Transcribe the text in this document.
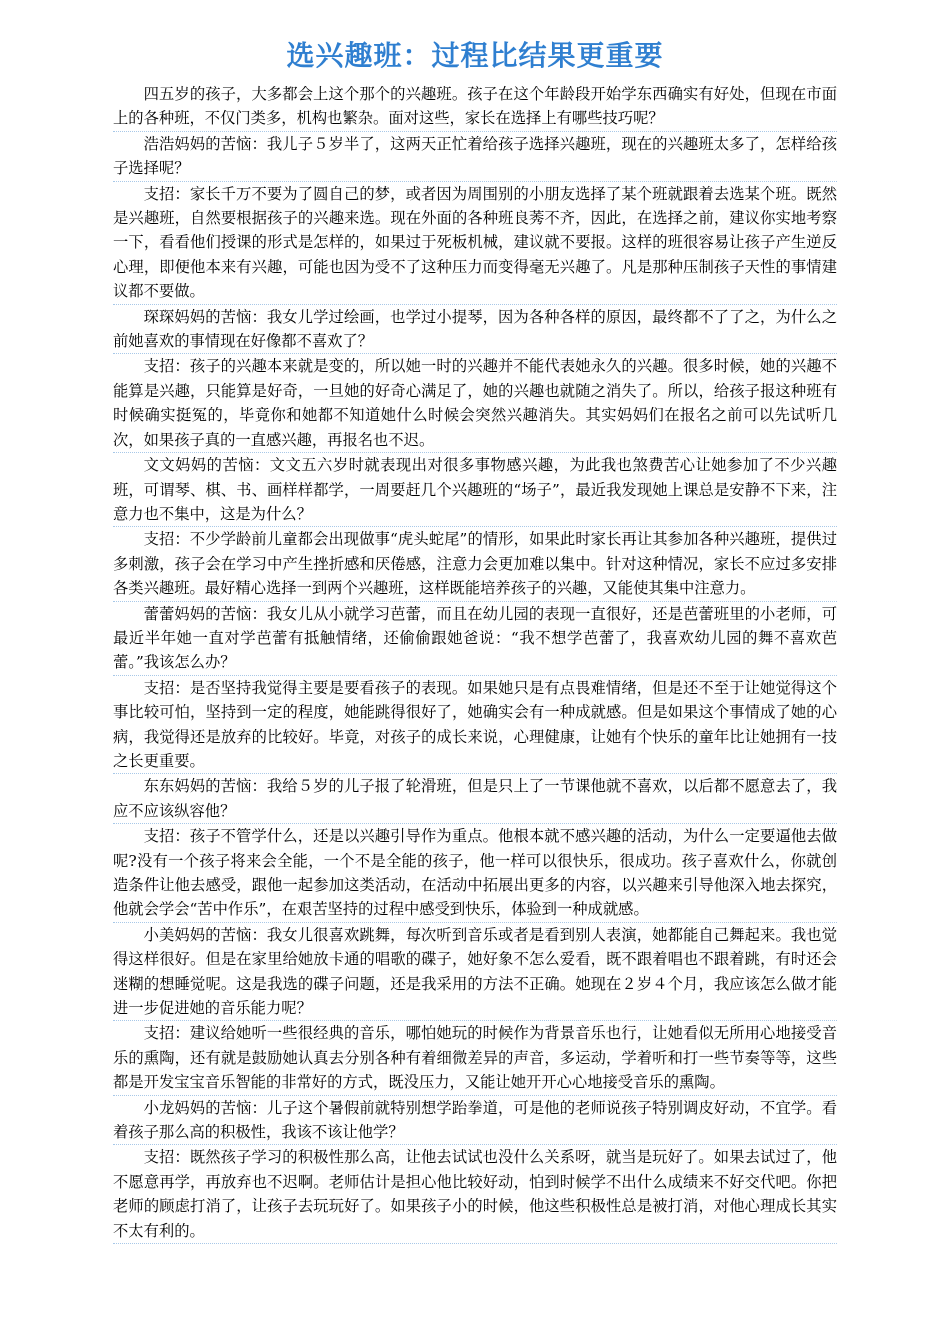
选兴趣班：过程比结果更重要

四五岁的孩子，大多都会上这个那个的兴趣班。孩子在这个年龄段开始学东西确实有好处，但现在市面上的各种班，不仅门类多，机构也繁杂。面对这些，家长在选择上有哪些技巧呢？

浩浩妈妈的苦恼：我儿子５岁半了，这两天正忙着给孩子选择兴趣班，现在的兴趣班太多了，怎样给孩子选择呢？

支招：家长千万不要为了圆自己的梦，或者因为周围别的小朋友选择了某个班就跟着去选某个班。既然是兴趣班，自然要根据孩子的兴趣来选。现在外面的各种班良莠不齐，因此，在选择之前，建议你实地考察一下，看看他们授课的形式是怎样的，如果过于死板机械，建议就不要报。这样的班很容易让孩子产生逆反心理，即便他本来有兴趣，可能也因为受不了这种压力而变得毫无兴趣了。凡是那种压制孩子天性的事情建议都不要做。

琛琛妈妈的苦恼：我女儿学过绘画，也学过小提琴，因为各种各样的原因，最终都不了了之，为什么之前她喜欢的事情现在好像都不喜欢了？

支招：孩子的兴趣本来就是变的，所以她一时的兴趣并不能代表她永久的兴趣。很多时候，她的兴趣不能算是兴趣，只能算是好奇，一旦她的好奇心满足了，她的兴趣也就随之消失了。所以，给孩子报这种班有时候确实挺冤的，毕竟你和她都不知道她什么时候会突然兴趣消失。其实妈妈们在报名之前可以先试听几次，如果孩子真的一直感兴趣，再报名也不迟。

文文妈妈的苦恼：文文五六岁时就表现出对很多事物感兴趣，为此我也煞费苦心让她参加了不少兴趣班，可谓琴、棋、书、画样样都学，一周要赶几个兴趣班的“场子”，最近我发现她上课总是安静不下来，注意力也不集中，这是为什么？

支招：不少学龄前儿童都会出现做事“虎头蛇尾”的情形，如果此时家长再让其参加各种兴趣班，提供过多刺激，孩子会在学习中产生挫折感和厌倦感，注意力会更加难以集中。针对这种情况，家长不应过多安排各类兴趣班。最好精心选择一到两个兴趣班，这样既能培养孩子的兴趣，又能使其集中注意力。

蕾蕾妈妈的苦恼：我女儿从小就学习芭蕾，而且在幼儿园的表现一直很好，还是芭蕾班里的小老师，可最近半年她一直对学芭蕾有抵触情绪，还偷偷跟她爸说：“我不想学芭蕾了，我喜欢幼儿园的舞不喜欢芭蕾。”我该怎么办？

支招：是否坚持我觉得主要是要看孩子的表现。如果她只是有点畏难情绪，但是还不至于让她觉得这个事比较可怕，坚持到一定的程度，她能跳得很好了，她确实会有一种成就感。但是如果这个事情成了她的心病，我觉得还是放弃的比较好。毕竟，对孩子的成长来说，心理健康，让她有个快乐的童年比让她拥有一技之长更重要。

东东妈妈的苦恼：我给５岁的儿子报了轮滑班，但是只上了一节课他就不喜欢，以后都不愿意去了，我应不应该纵容他？

支招：孩子不管学什么，还是以兴趣引导作为重点。他根本就不感兴趣的活动，为什么一定要逼他去做呢?没有一个孩子将来会全能，一个不是全能的孩子，他一样可以很快乐，很成功。孩子喜欢什么，你就创造条件让他去感受，跟他一起参加这类活动，在活动中拓展出更多的内容，以兴趣来引导他深入地去探究，他就会学会“苦中作乐”，在艰苦坚持的过程中感受到快乐，体验到一种成就感。

小美妈妈的苦恼：我女儿很喜欢跳舞，每次听到音乐或者是看到别人表演，她都能自己舞起来。我也觉得这样很好。但是在家里给她放卡通的唱歌的碟子，她好象不怎么爱看，既不跟着唱也不跟着跳，有时还会迷糊的想睡觉呢。这是我选的碟子问题，还是我采用的方法不正确。她现在２岁４个月，我应该怎么做才能进一步促进她的音乐能力呢？

支招：建议给她听一些很经典的音乐，哪怕她玩的时候作为背景音乐也行，让她看似无所用心地接受音乐的熏陶，还有就是鼓励她认真去分别各种有着细微差异的声音，多运动，学着听和打一些节奏等等，这些都是开发宝宝音乐智能的非常好的方式，既没压力，又能让她开开心心地接受音乐的熏陶。

小龙妈妈的苦恼：儿子这个暑假前就特别想学跆拳道，可是他的老师说孩子特别调皮好动，不宜学。看着孩子那么高的积极性，我该不该让他学？

支招：既然孩子学习的积极性那么高，让他去试试也没什么关系呀，就当是玩好了。如果去试过了，他不愿意再学，再放弃也不迟啊。老师估计是担心他比较好动，怕到时候学不出什么成绩来不好交代吧。你把老师的顾虑打消了，让孩子去玩玩好了。如果孩子小的时候，他这些积极性总是被打消，对他心理成长其实不太有利的。
